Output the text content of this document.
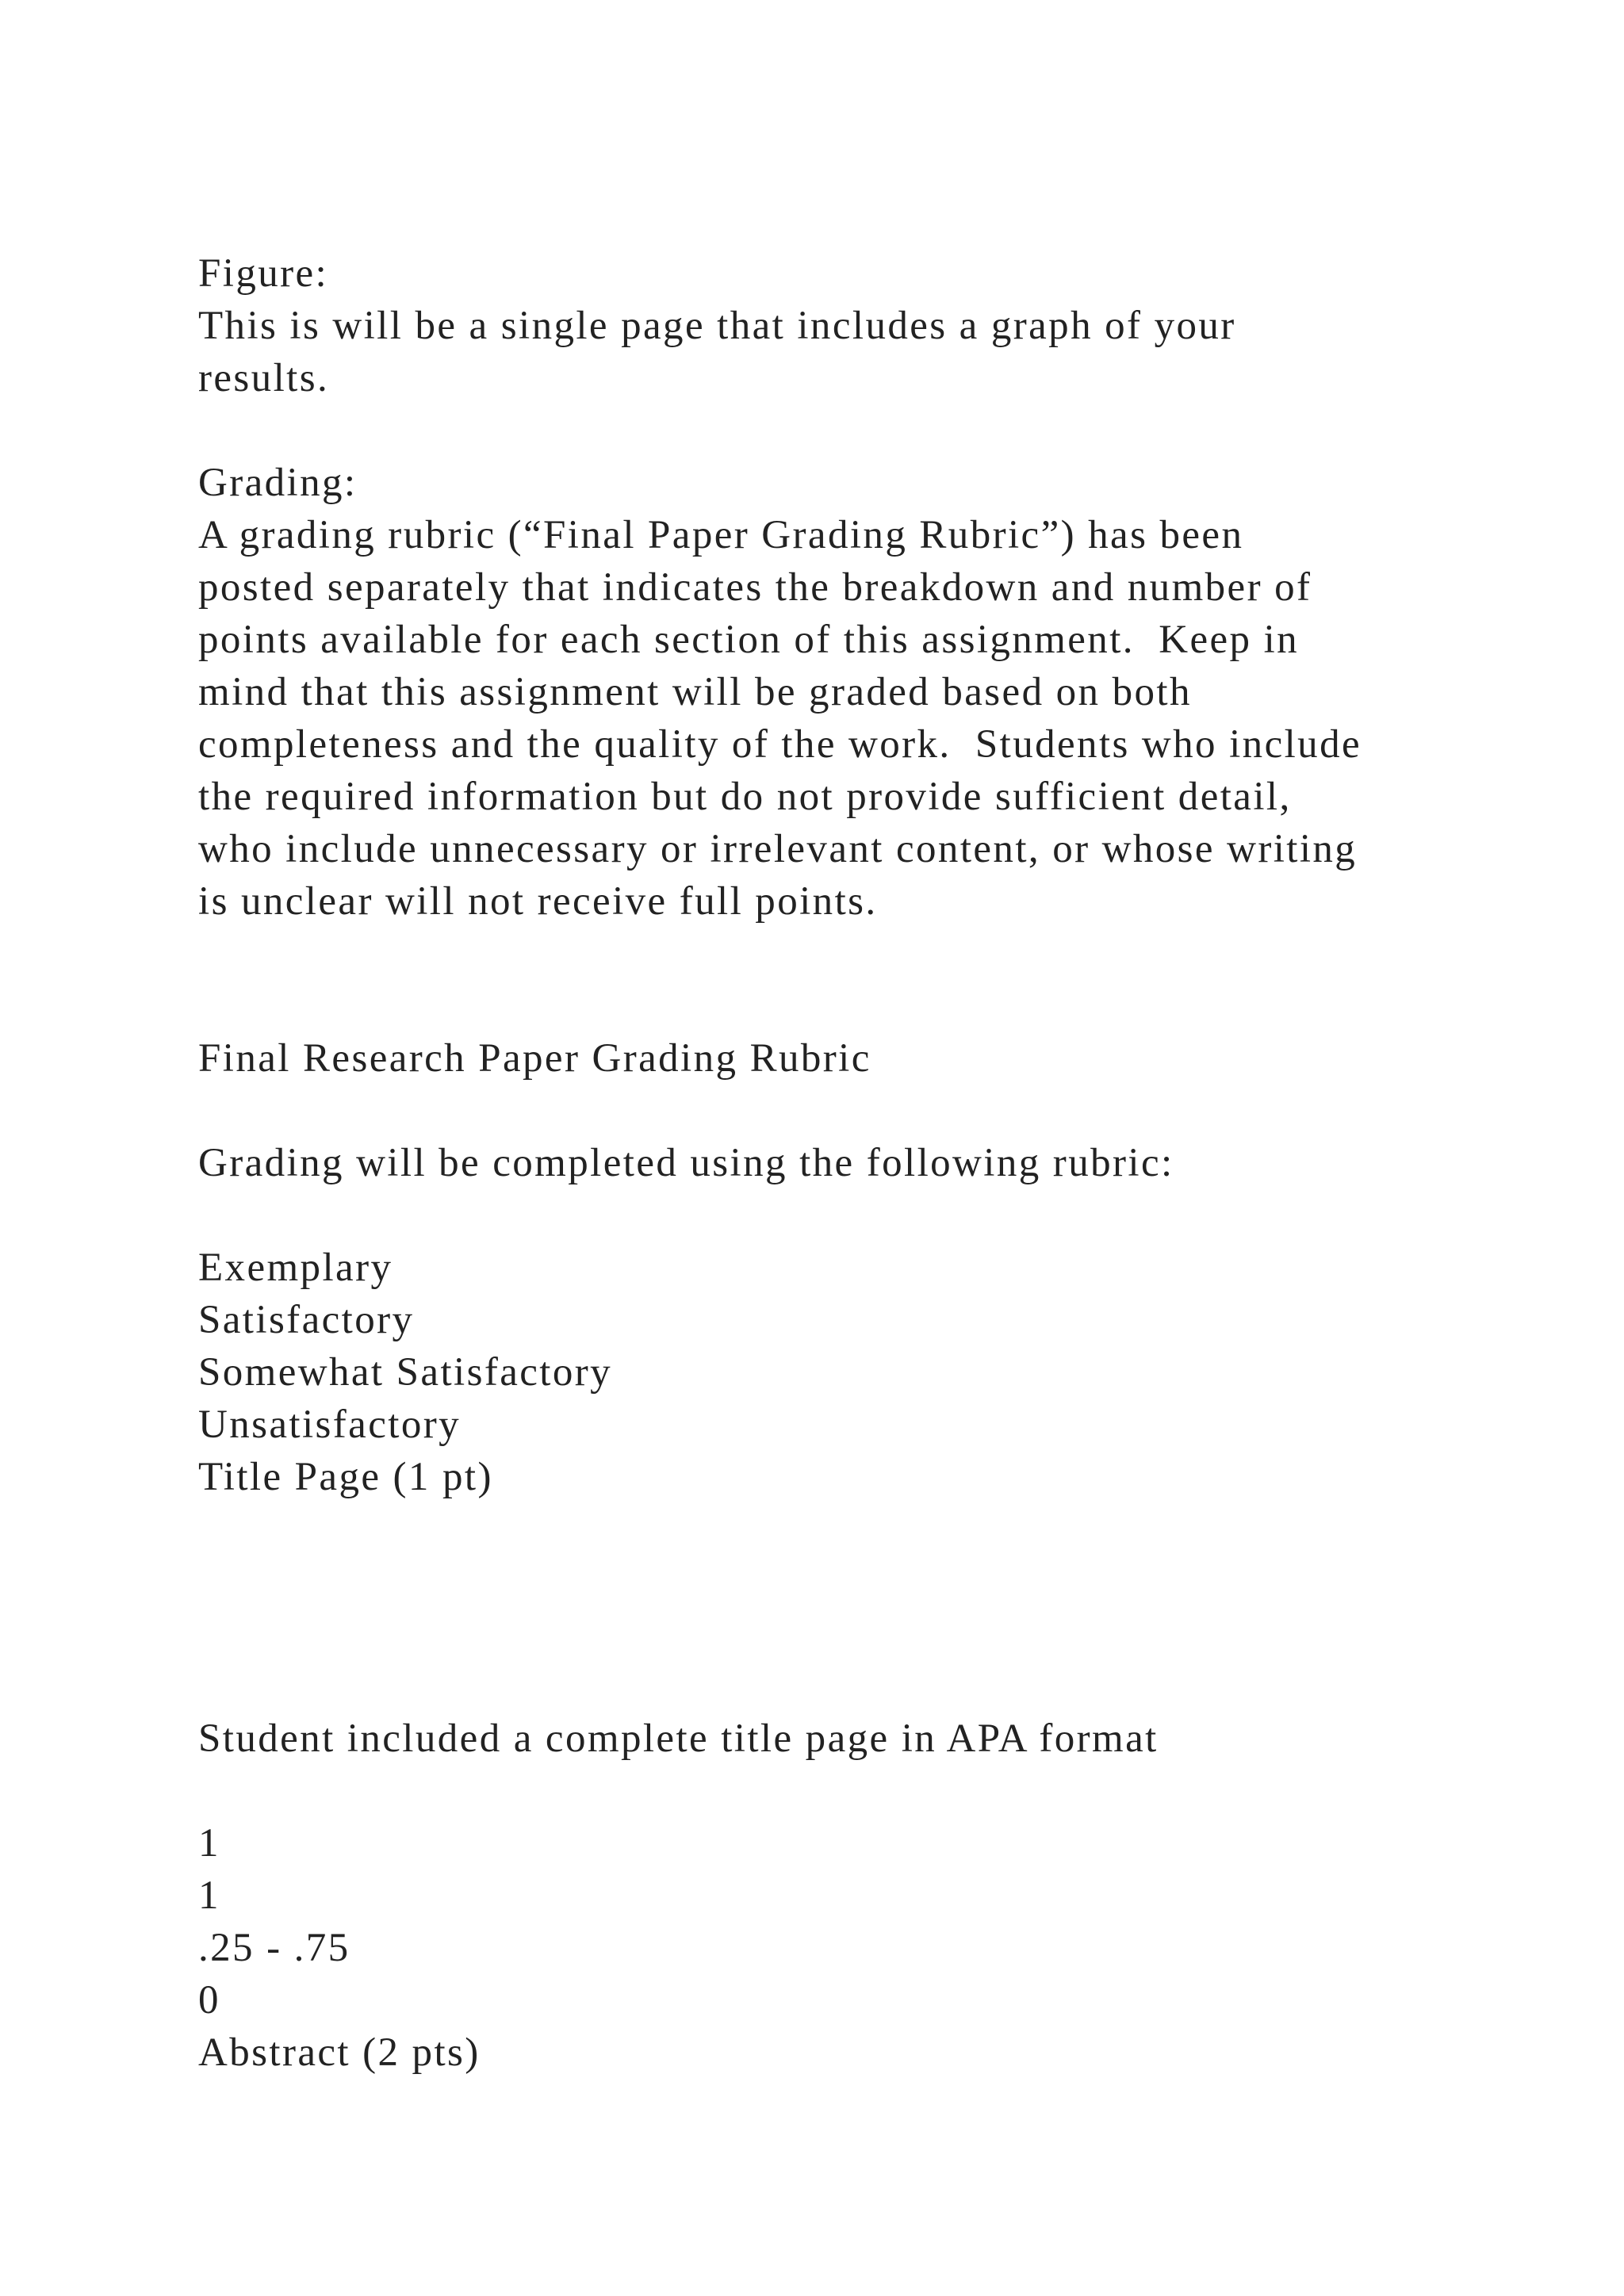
Figure:
This is will be a single page that includes a graph of your
results.
Grading:
A grading rubric (“Final Paper Grading Rubric”) has been
posted separately that indicates the breakdown and number of
points available for each section of this assignment.  Keep in
mind that this assignment will be graded based on both
completeness and the quality of the work.  Students who include
the required information but do not provide sufficient detail,
who include unnecessary or irrelevant content, or whose writing
is unclear will not receive full points.
Final Research Paper Grading Rubric
Grading will be completed using the following rubric:
Exemplary
Satisfactory
Somewhat Satisfactory
Unsatisfactory
Title Page (1 pt)
Student included a complete title page in APA format
1
1
.25 - .75
0
Abstract (2 pts)
